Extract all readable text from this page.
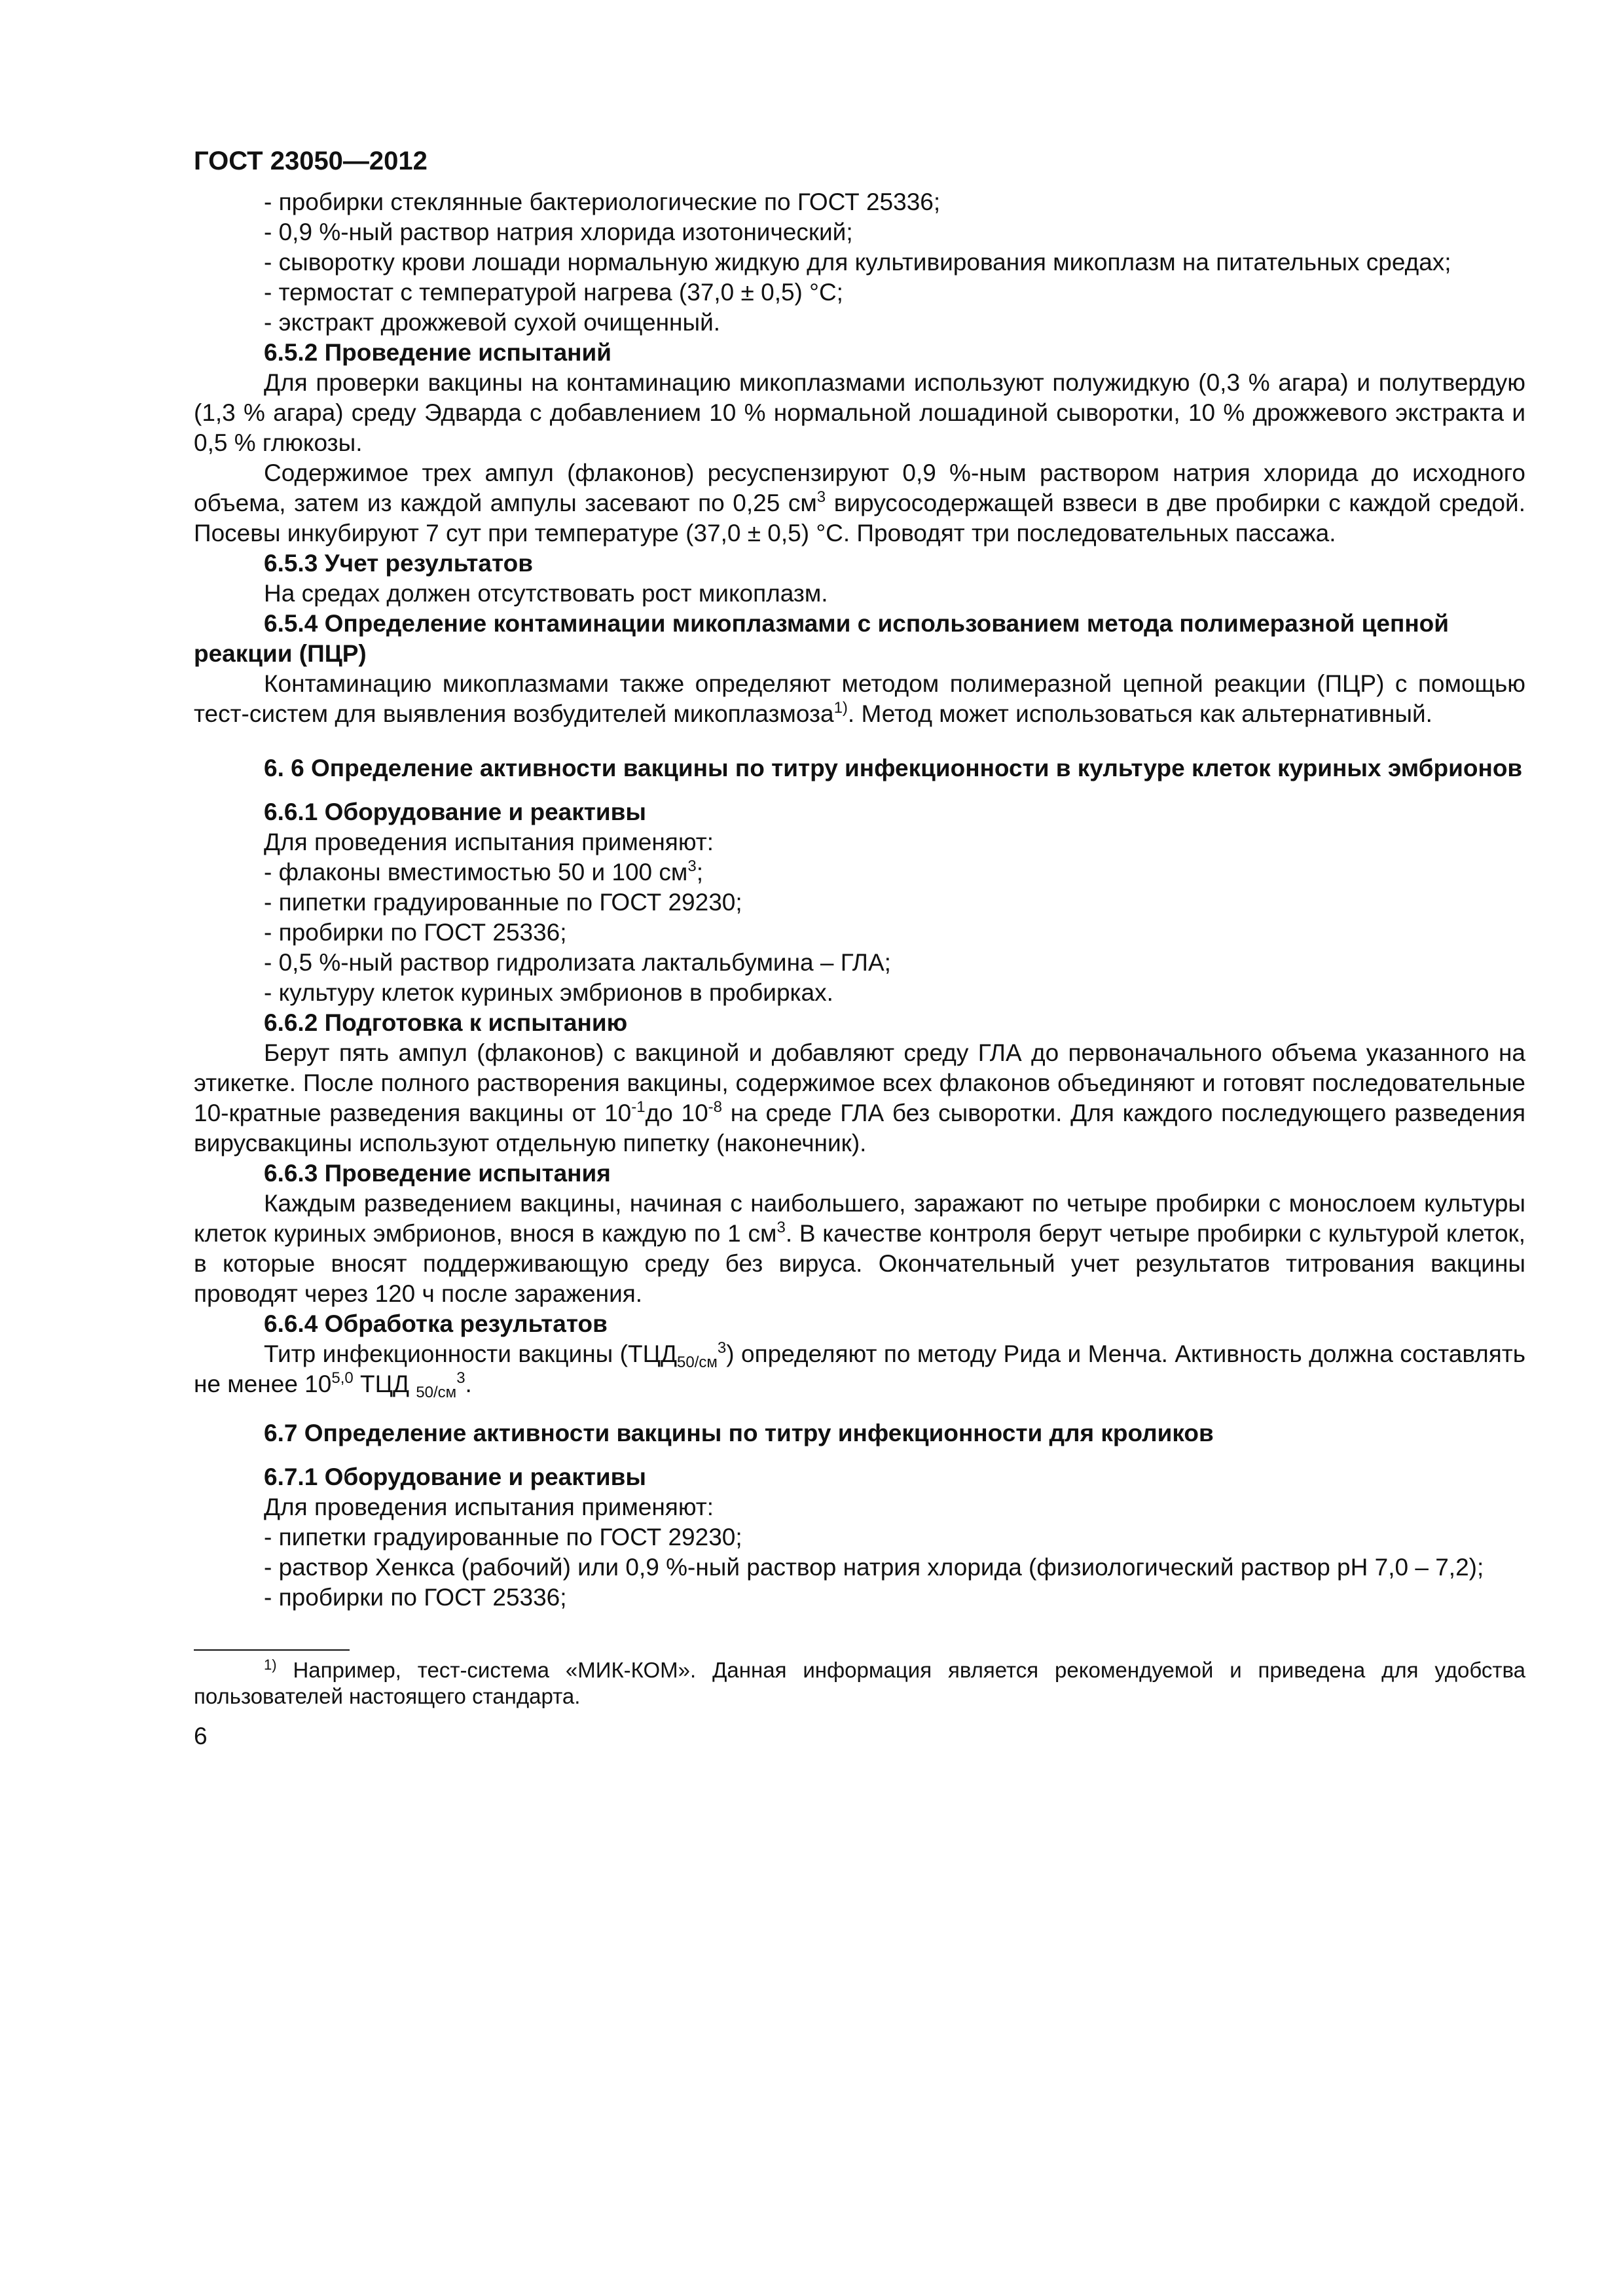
ГОСТ 23050—2012

- пробирки стеклянные бактериологические по ГОСТ 25336;

- 0,9 %-ный раствор натрия хлорида изотонический;

- сыворотку крови лошади нормальную жидкую для культивирования микоплазм на питательных средах;

- термостат с температурой нагрева (37,0 ± 0,5) °С;

- экстракт дрожжевой сухой очищенный.

6.5.2 Проведение испытаний

Для проверки вакцины на контаминацию микоплазмами используют полужидкую (0,3 % агара) и полутвердую (1,3 % агара) среду Эдварда с добавлением 10 % нормальной лошадиной сыворотки, 10 % дрожжевого экстракта и 0,5 % глюкозы.

Содержимое трех ампул (флаконов) ресуспензируют 0,9 %-ным раствором натрия хлорида до исходного объема, затем из каждой ампулы засевают по 0,25 $см^3$ вирусосодержащей взвеси в две пробирки с каждой средой. Посевы инкубируют 7 сут при температуре (37,0 ± 0,5) °С. Проводят три последовательных пассажа.

6.5.3 Учет результатов

На средах должен отсутствовать рост микоплазм.

6.5.4 Определение контаминации микоплазмами с использованием метода полимеразной цепной реакции (ПЦР)

Контаминацию микоплазмами также определяют методом полимеразной цепной реакции (ПЦР) с помощью тест-систем для выявления возбудителей микоплазмоза$^{1)}$. Метод может использоваться как альтернативный.

6. 6 Определение активности вакцины по титру инфекционности в культуре клеток куриных эмбрионов

6.6.1 Оборудование и реактивы

Для проведения испытания применяют:

- флаконы вместимостью 50 и 100 $см^3$;

- пипетки градуированные по ГОСТ 29230;

- пробирки по ГОСТ 25336;

- 0,5 %-ный раствор гидролизата лактальбумина – ГЛА;

- культуру клеток куриных эмбрионов в пробирках.

6.6.2 Подготовка к испытанию

Берут пять ампул (флаконов) с вакциной и добавляют среду ГЛА до первоначального объема указанного на этикетке. После полного растворения вакцины, содержимое всех флаконов объединяют и готовят последовательные 10-кратные разведения вакцины от $10^{-1}до$ $10^{-8}$ на среде ГЛА без сыворотки. Для каждого последующего разведения вирусвакцины используют отдельную пипетку (наконечник).

6.6.3 Проведение испытания

Каждым разведением вакцины, начиная с наибольшего, заражают по четыре пробирки с монослоем культуры клеток куриных эмбрионов, внося в каждую по 1 $см^3$. В качестве контроля берут четыре пробирки с культурой клеток, в которые вносят поддерживающую среду без вируса. Окончательный учет результатов титрования вакцины проводят через 120 ч после заражения.

6.6.4 Обработка результатов

Титр инфекционности вакцины $(ТЦД_{50/см}^3)$ определяют по методу Рида и Менча. Активность должна составлять не менее 10$^{5,0}$ ТЦД $_{50/см}^3$.

6.7 Определение активности вакцины по титру инфекционности для кроликов

6.7.1 Оборудование и реактивы

Для проведения испытания применяют:

- пипетки градуированные по ГОСТ 29230;

- раствор Хенкса (рабочий) или 0,9 %-ный раствор натрия хлорида (физиологический раствор рН 7,0 – 7,2);

- пробирки по ГОСТ 25336;

$^{1)}$ Например, тест-система «МИК-КОМ». Данная информация является рекомендуемой и приведена для удобства пользователей настоящего стандарта.

6
